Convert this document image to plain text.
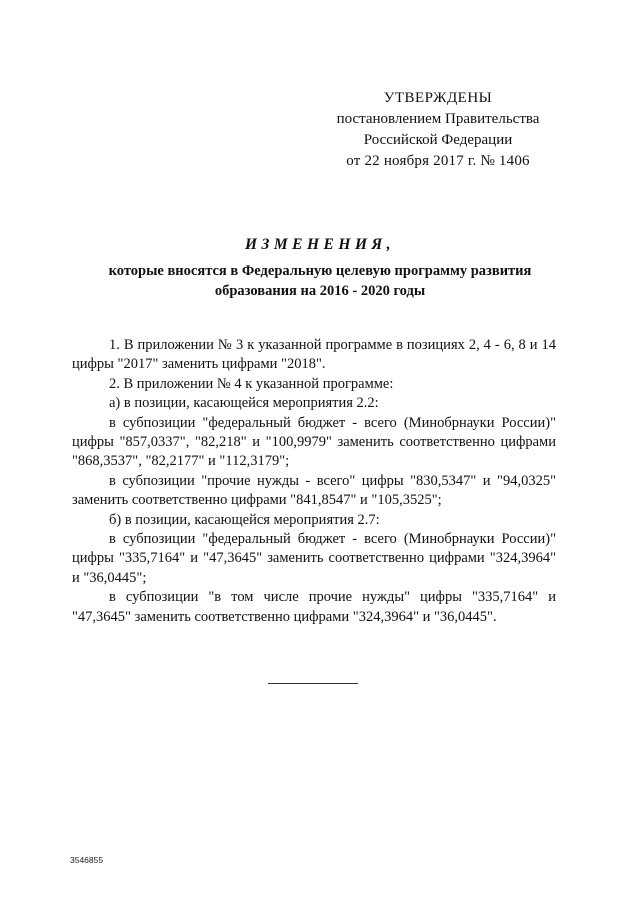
УТВЕРЖДЕНЫ
постановлением Правительства
Российской Федерации
от 22 ноября 2017 г. № 1406
ИЗМЕНЕНИЯ,
которые вносятся в Федеральную целевую программу развития
образования на 2016 - 2020 годы

1. В приложении № 3 к указанной программе в позициях 2, 4 - 6, 8 и 14 цифры "2017" заменить цифрами "2018".

2. В приложении № 4 к указанной программе:

а) в позиции, касающейся мероприятия 2.2:

в субпозиции "федеральный бюджет - всего (Минобрнауки России)" цифры "857,0337", "82,218" и "100,9979" заменить соответственно цифрами "868,3537", "82,2177" и "112,3179";

в субпозиции "прочие нужды - всего" цифры "830,5347" и "94,0325" заменить соответственно цифрами "841,8547" и "105,3525";

б) в позиции, касающейся мероприятия 2.7:

в субпозиции "федеральный бюджет - всего (Минобрнауки России)" цифры "335,7164" и "47,3645" заменить соответственно цифрами "324,3964" и "36,0445";

в субпозиции "в том числе прочие нужды" цифры "335,7164" и "47,3645" заменить соответственно цифрами "324,3964" и "36,0445".

3546855
